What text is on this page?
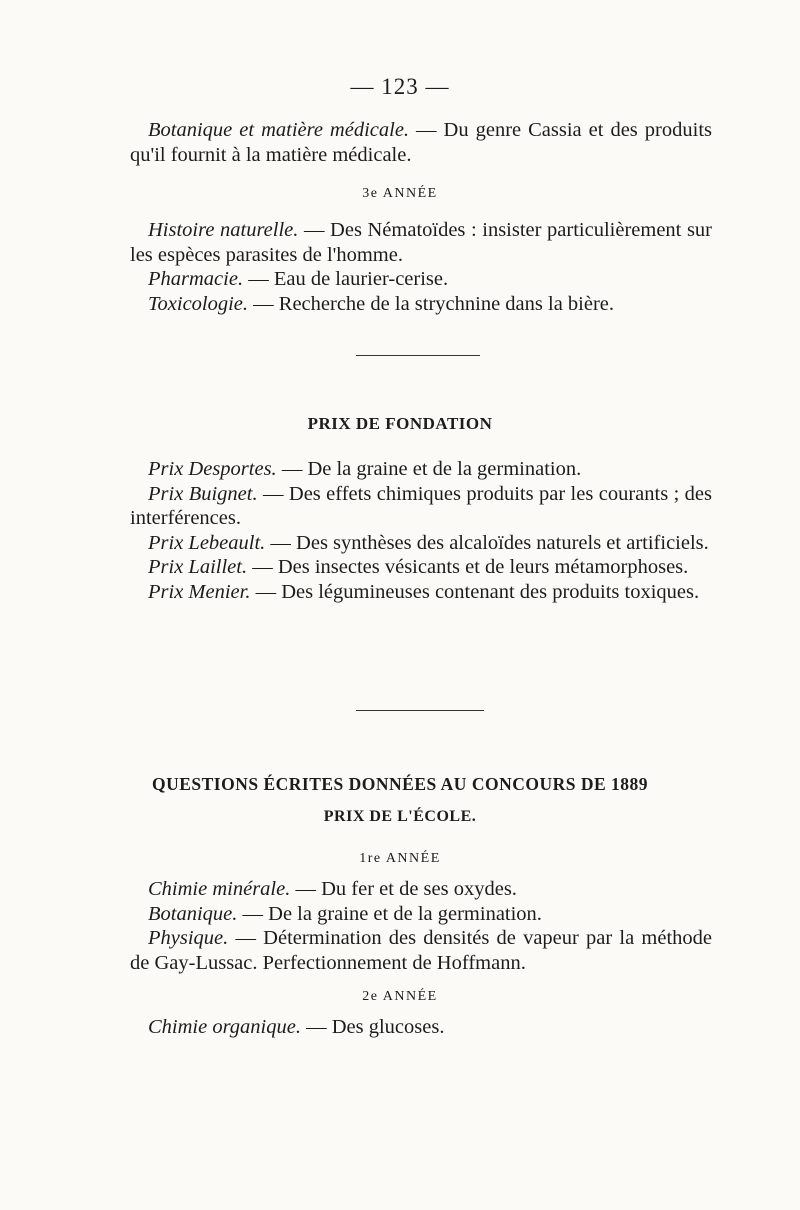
— 123 —

Botanique et matière médicale. — Du genre Cassia et des produits qu'il fournit à la matière médicale.

3e ANNÉE

Histoire naturelle. — Des Nématoïdes : insister particulièrement sur les espèces parasites de l'homme.

Pharmacie. — Eau de laurier-cerise.

Toxicologie. — Recherche de la strychnine dans la bière.

PRIX DE FONDATION

Prix Desportes. — De la graine et de la germination.

Prix Buignet. — Des effets chimiques produits par les courants ; des interférences.

Prix Lebeault. — Des synthèses des alcaloïdes naturels et artificiels.

Prix Laillet. — Des insectes vésicants et de leurs métamorphoses.

Prix Menier. — Des légumineuses contenant des produits toxiques.

QUESTIONS ÉCRITES DONNÉES AU CONCOURS DE 1889

PRIX DE L'ÉCOLE.

1re ANNÉE

Chimie minérale. — Du fer et de ses oxydes.

Botanique. — De la graine et de la germination.

Physique. — Détermination des densités de vapeur par la méthode de Gay-Lussac. Perfectionnement de Hoffmann.

2e ANNÉE

Chimie organique. — Des glucoses.
